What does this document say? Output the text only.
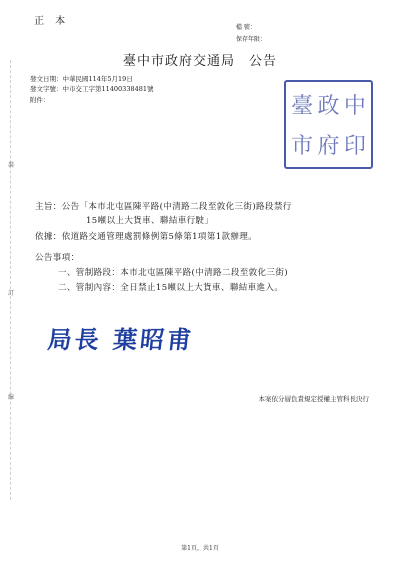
正 本
檔 號：
保存年限：
臺中市政府交通局　公告
發文日期：中華民國114年5月19日
發文字號：中市交工字第11400338481號
附件：	臺 政 中
市 府 印
裝
訂
線
主旨：公告「本市北屯區陳平路(中清路二段至敦化三街)路段禁行
15噸以上大貨車、聯結車行駛」
依據：依道路交通管理處罰條例第5條第1項第1款辦理。
公告事項：
一、管制路段：本市北屯區陳平路(中清路二段至敦化三街)
二、管制內容：全日禁止15噸以上大貨車、聯結車進入。
局長 葉昭甫
本案依分層負責規定授權主管科長決行
第1頁，共1頁
